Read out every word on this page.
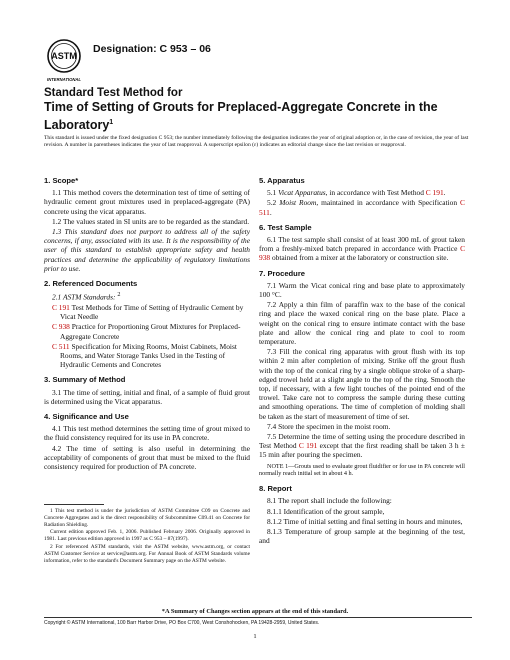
ASTM
INTERNATIONAL
Designation: C 953 – 06
Standard Test Method for
Time of Setting of Grouts for Preplaced-Aggregate Concrete in the Laboratory$^1$
This standard is issued under the fixed designation C 953; the number immediately following the designation indicates the year of original adoption or, in the case of revision, the year of last revision. A number in parentheses indicates the year of last reapproval. A superscript epsilon (ε) indicates an editorial change since the last revision or reapproval.
1. Scope*

1.1 This method covers the determination test of time of setting of hydraulic cement grout mixtures used in preplaced-aggregate (PA) concrete using the vicat apparatus.

1.2 The values stated in SI units are to be regarded as the standard.

1.3 This standard does not purport to address all of the safety concerns, if any, associated with its use. It is the responsibility of the user of this standard to establish appropriate safety and health practices and determine the applicability of regulatory limitations prior to use.

2. Referenced Documents

2.1 ASTM Standards: $^2$

C 191 Test Methods for Time of Setting of Hydraulic Cement by Vicat Needle

C 938 Practice for Proportioning Grout Mixtures for Preplaced-Aggregate Concrete

C 511 Specification for Mixing Rooms, Moist Cabinets, Moist Rooms, and Water Storage Tanks Used in the Testing of Hydraulic Cements and Concretes

3. Summary of Method

3.1 The time of setting, initial and final, of a sample of fluid grout is determined using the Vicat apparatus.

4. Significance and Use

4.1 This test method determines the setting time of grout mixed to the fluid consistency required for its use in PA concrete.

4.2 The time of setting is also useful in determining the acceptability of components of grout that must be mixed to the fluid consistency required for production of PA concrete.

1 This test method is under the jurisdiction of ASTM Committee C09 on Concrete and Concrete Aggregates and is the direct responsibility of Subcommittee C09.41 on Concrete for Radiation Shielding.

Current edition approved Feb. 1, 2006. Published February 2006. Originally approved in 1981. Last previous edition approved in 1997 as C 953 – 87(1997).

2 For referenced ASTM standards, visit the ASTM website, www.astm.org, or contact ASTM Customer Service at service@astm.org. For Annual Book of ASTM Standards volume information, refer to the standard's Document Summary page on the ASTM website.

5. Apparatus

5.1 Vicat Apparatus, in accordance with Test Method C 191.

5.2 Moist Room, maintained in accordance with Specification C 511.

6. Test Sample

6.1 The test sample shall consist of at least 300 mL of grout taken from a freshly-mixed batch prepared in accordance with Practice C 938 obtained from a mixer at the laboratory or construction site.

7. Procedure

7.1 Warm the Vicat conical ring and base plate to approximately 100 °C.

7.2 Apply a thin film of paraffin wax to the base of the conical ring and place the waxed conical ring on the base plate. Place a weight on the conical ring to ensure intimate contact with the base plate and allow the conical ring and plate to cool to room temperature.

7.3 Fill the conical ring apparatus with grout flush with its top within 2 min after completion of mixing. Strike off the grout flush with the top of the conical ring by a single oblique stroke of a sharp-edged trowel held at a slight angle to the top of the ring. Smooth the top, if necessary, with a few light touches of the pointed end of the trowel. Take care not to compress the sample during these cutting and smoothing operations. The time of completion of molding shall be taken as the start of measurement of time of set.

7.4 Store the specimen in the moist room.

7.5 Determine the time of setting using the procedure described in Test Method C 191 except that the first reading shall be taken 3 h ± 15 min after pouring the specimen.

NOTE 1—Grouts used to evaluate grout fluidifier or for use in PA concrete will normally reach initial set in about 4 h.

8. Report

8.1 The report shall include the following:

8.1.1 Identification of the grout sample,

8.1.2 Time of initial setting and final setting in hours and minutes,

8.1.3 Temperature of group sample at the beginning of the test, and

*A Summary of Changes section appears at the end of this standard.
Copyright © ASTM International, 100 Barr Harbor Drive, PO Box C700, West Conshohocken, PA 19428-2959, United States.
1
